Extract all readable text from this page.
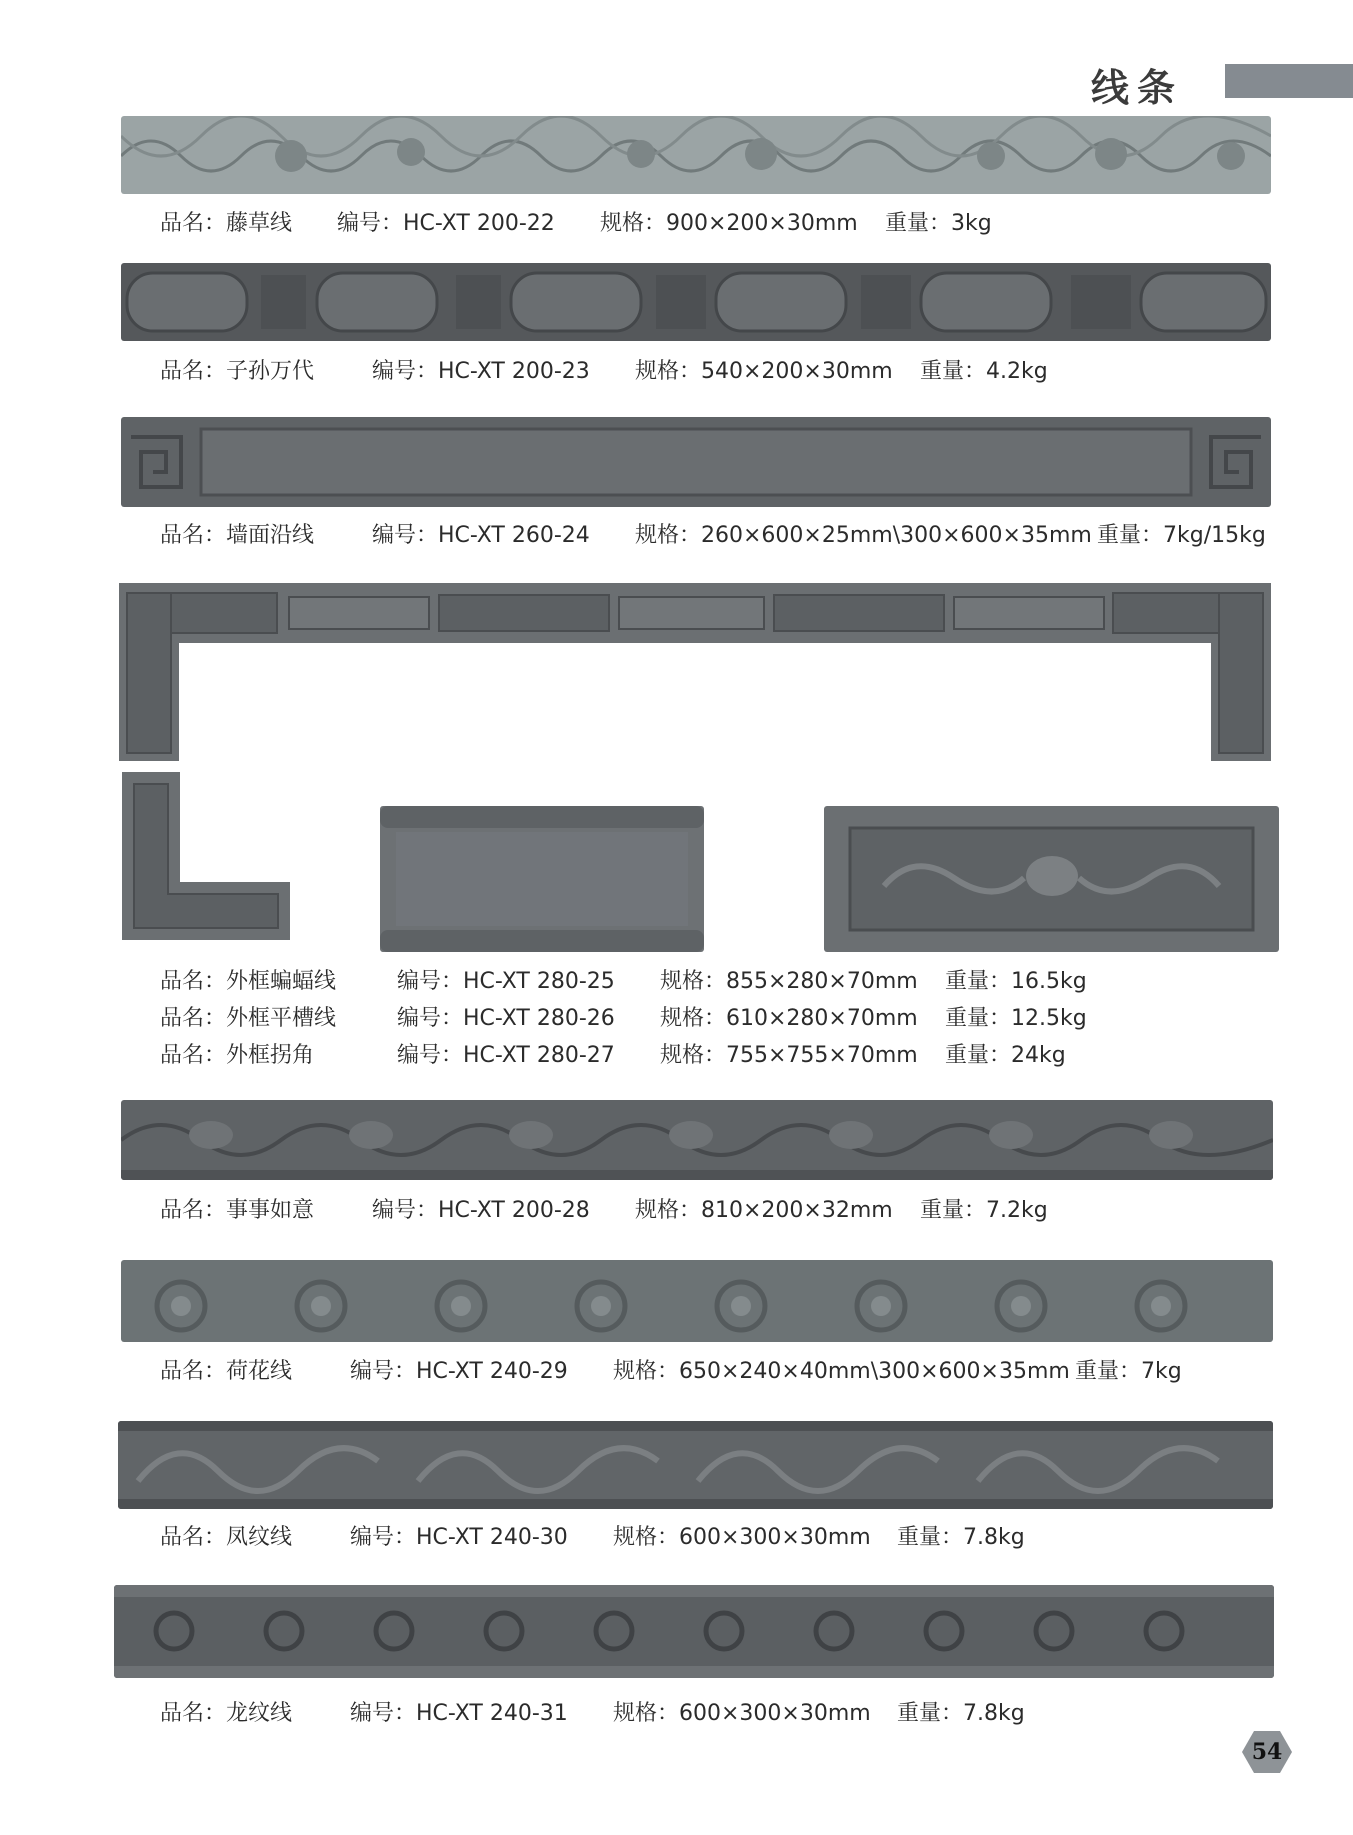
线条
品名：藤草线 编号：HC-XT 200-22 规格：900×200×30mm 重量：3kg
品名：子孙万代	编号：HC-XT 200-23 规格：540×200×30mm 重量：4.2kg
品名：墙面沿线	编号：HC-XT 260-24 规格：260×600×25mm\300×600×35mm 重量：7kg/15kg
品名：外框蝙蝠线	编号：HC-XT 280-25 规格：855×280×70mm 重量：16.5kg
品名：外框平槽线	编号：HC-XT 280-26 规格：610×280×70mm 重量：12.5kg
品名：外框拐角	编号：HC-XT 280-27 规格：755×755×70mm 重量：24kg
品名：事事如意	编号：HC-XT 200-28 规格：810×200×32mm 重量：7.2kg
品名：荷花线	编号：HC-XT 240-29 规格：650×240×40mm\300×600×35mm 重量：7kg
品名：凤纹线	编号：HC-XT 240-30 规格：600×300×30mm 重量：7.8kg
品名：龙纹线	编号：HC-XT 240-31 规格：600×300×30mm 重量：7.8kg
54
